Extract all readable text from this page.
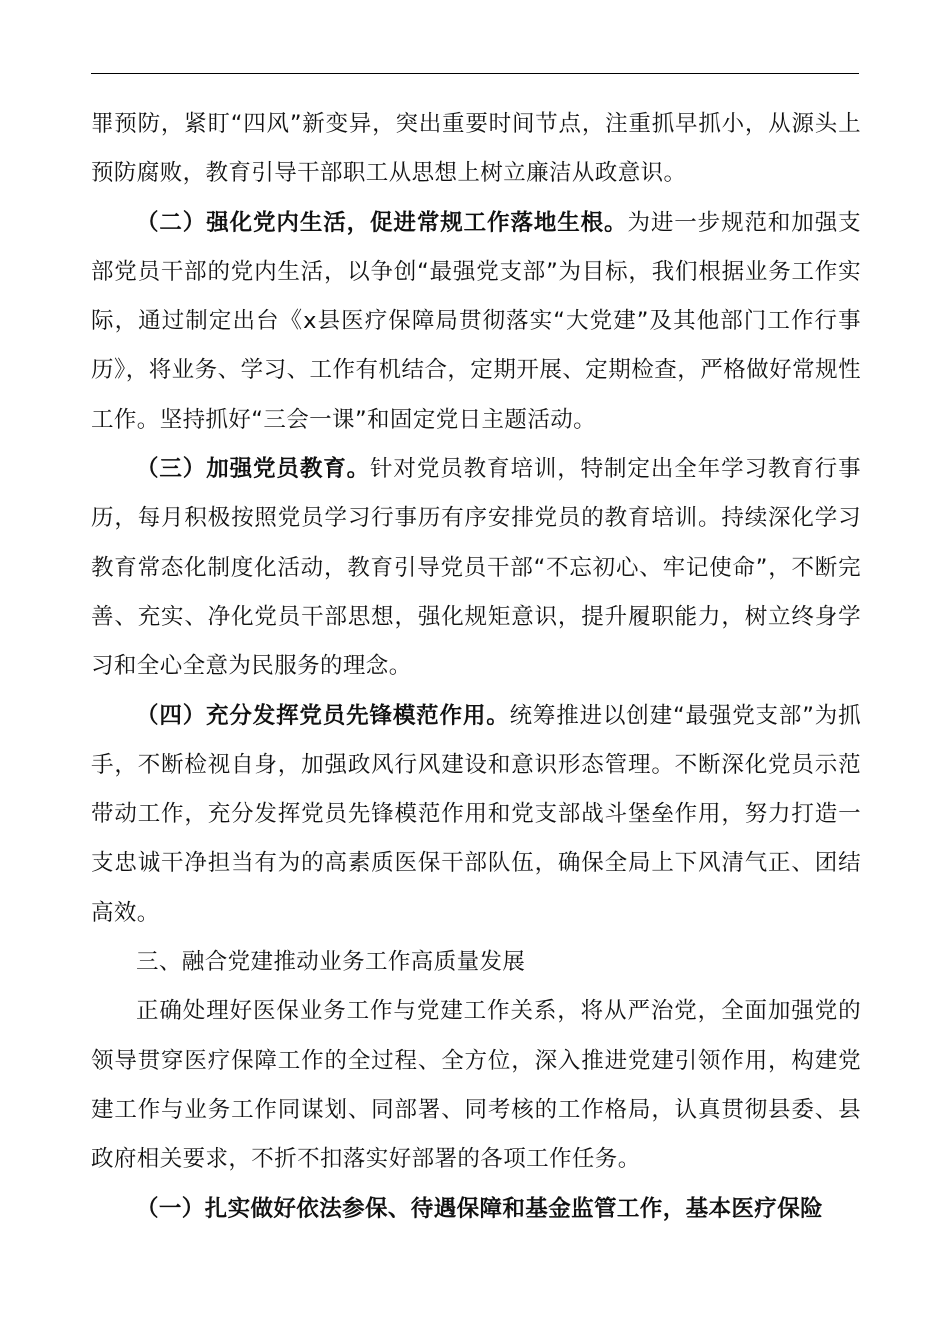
罪预防，紧盯“四风”新变异，突出重要时间节点，注重抓早抓小，从源头上预防腐败，教育引导干部职工从思想上树立廉洁从政意识。

（二）强化党内生活，促进常规工作落地生根。为进一步规范和加强支部党员干部的党内生活，以争创“最强党支部”为目标，我们根据业务工作实际，通过制定出台《x县医疗保障局贯彻落实“大党建”及其他部门工作行事历》，将业务、学习、工作有机结合，定期开展、定期检查，严格做好常规性工作。坚持抓好“三会一课”和固定党日主题活动。

（三）加强党员教育。针对党员教育培训，特制定出全年学习教育行事历，每月积极按照党员学习行事历有序安排党员的教育培训。持续深化学习教育常态化制度化活动，教育引导党员干部“不忘初心、牢记使命”，不断完善、充实、净化党员干部思想，强化规矩意识，提升履职能力，树立终身学习和全心全意为民服务的理念。

（四）充分发挥党员先锋模范作用。统筹推进以创建“最强党支部”为抓手，不断检视自身，加强政风行风建设和意识形态管理。不断深化党员示范带动工作，充分发挥党员先锋模范作用和党支部战斗堡垒作用，努力打造一支忠诚干净担当有为的高素质医保干部队伍，确保全局上下风清气正、团结高效。

三、融合党建推动业务工作高质量发展

正确处理好医保业务工作与党建工作关系，将从严治党，全面加强党的领导贯穿医疗保障工作的全过程、全方位，深入推进党建引领作用，构建党建工作与业务工作同谋划、同部署、同考核的工作格局，认真贯彻县委、县政府相关要求，不折不扣落实好部署的各项工作任务。

（一）扎实做好依法参保、待遇保障和基金监管工作，基本医疗保险
